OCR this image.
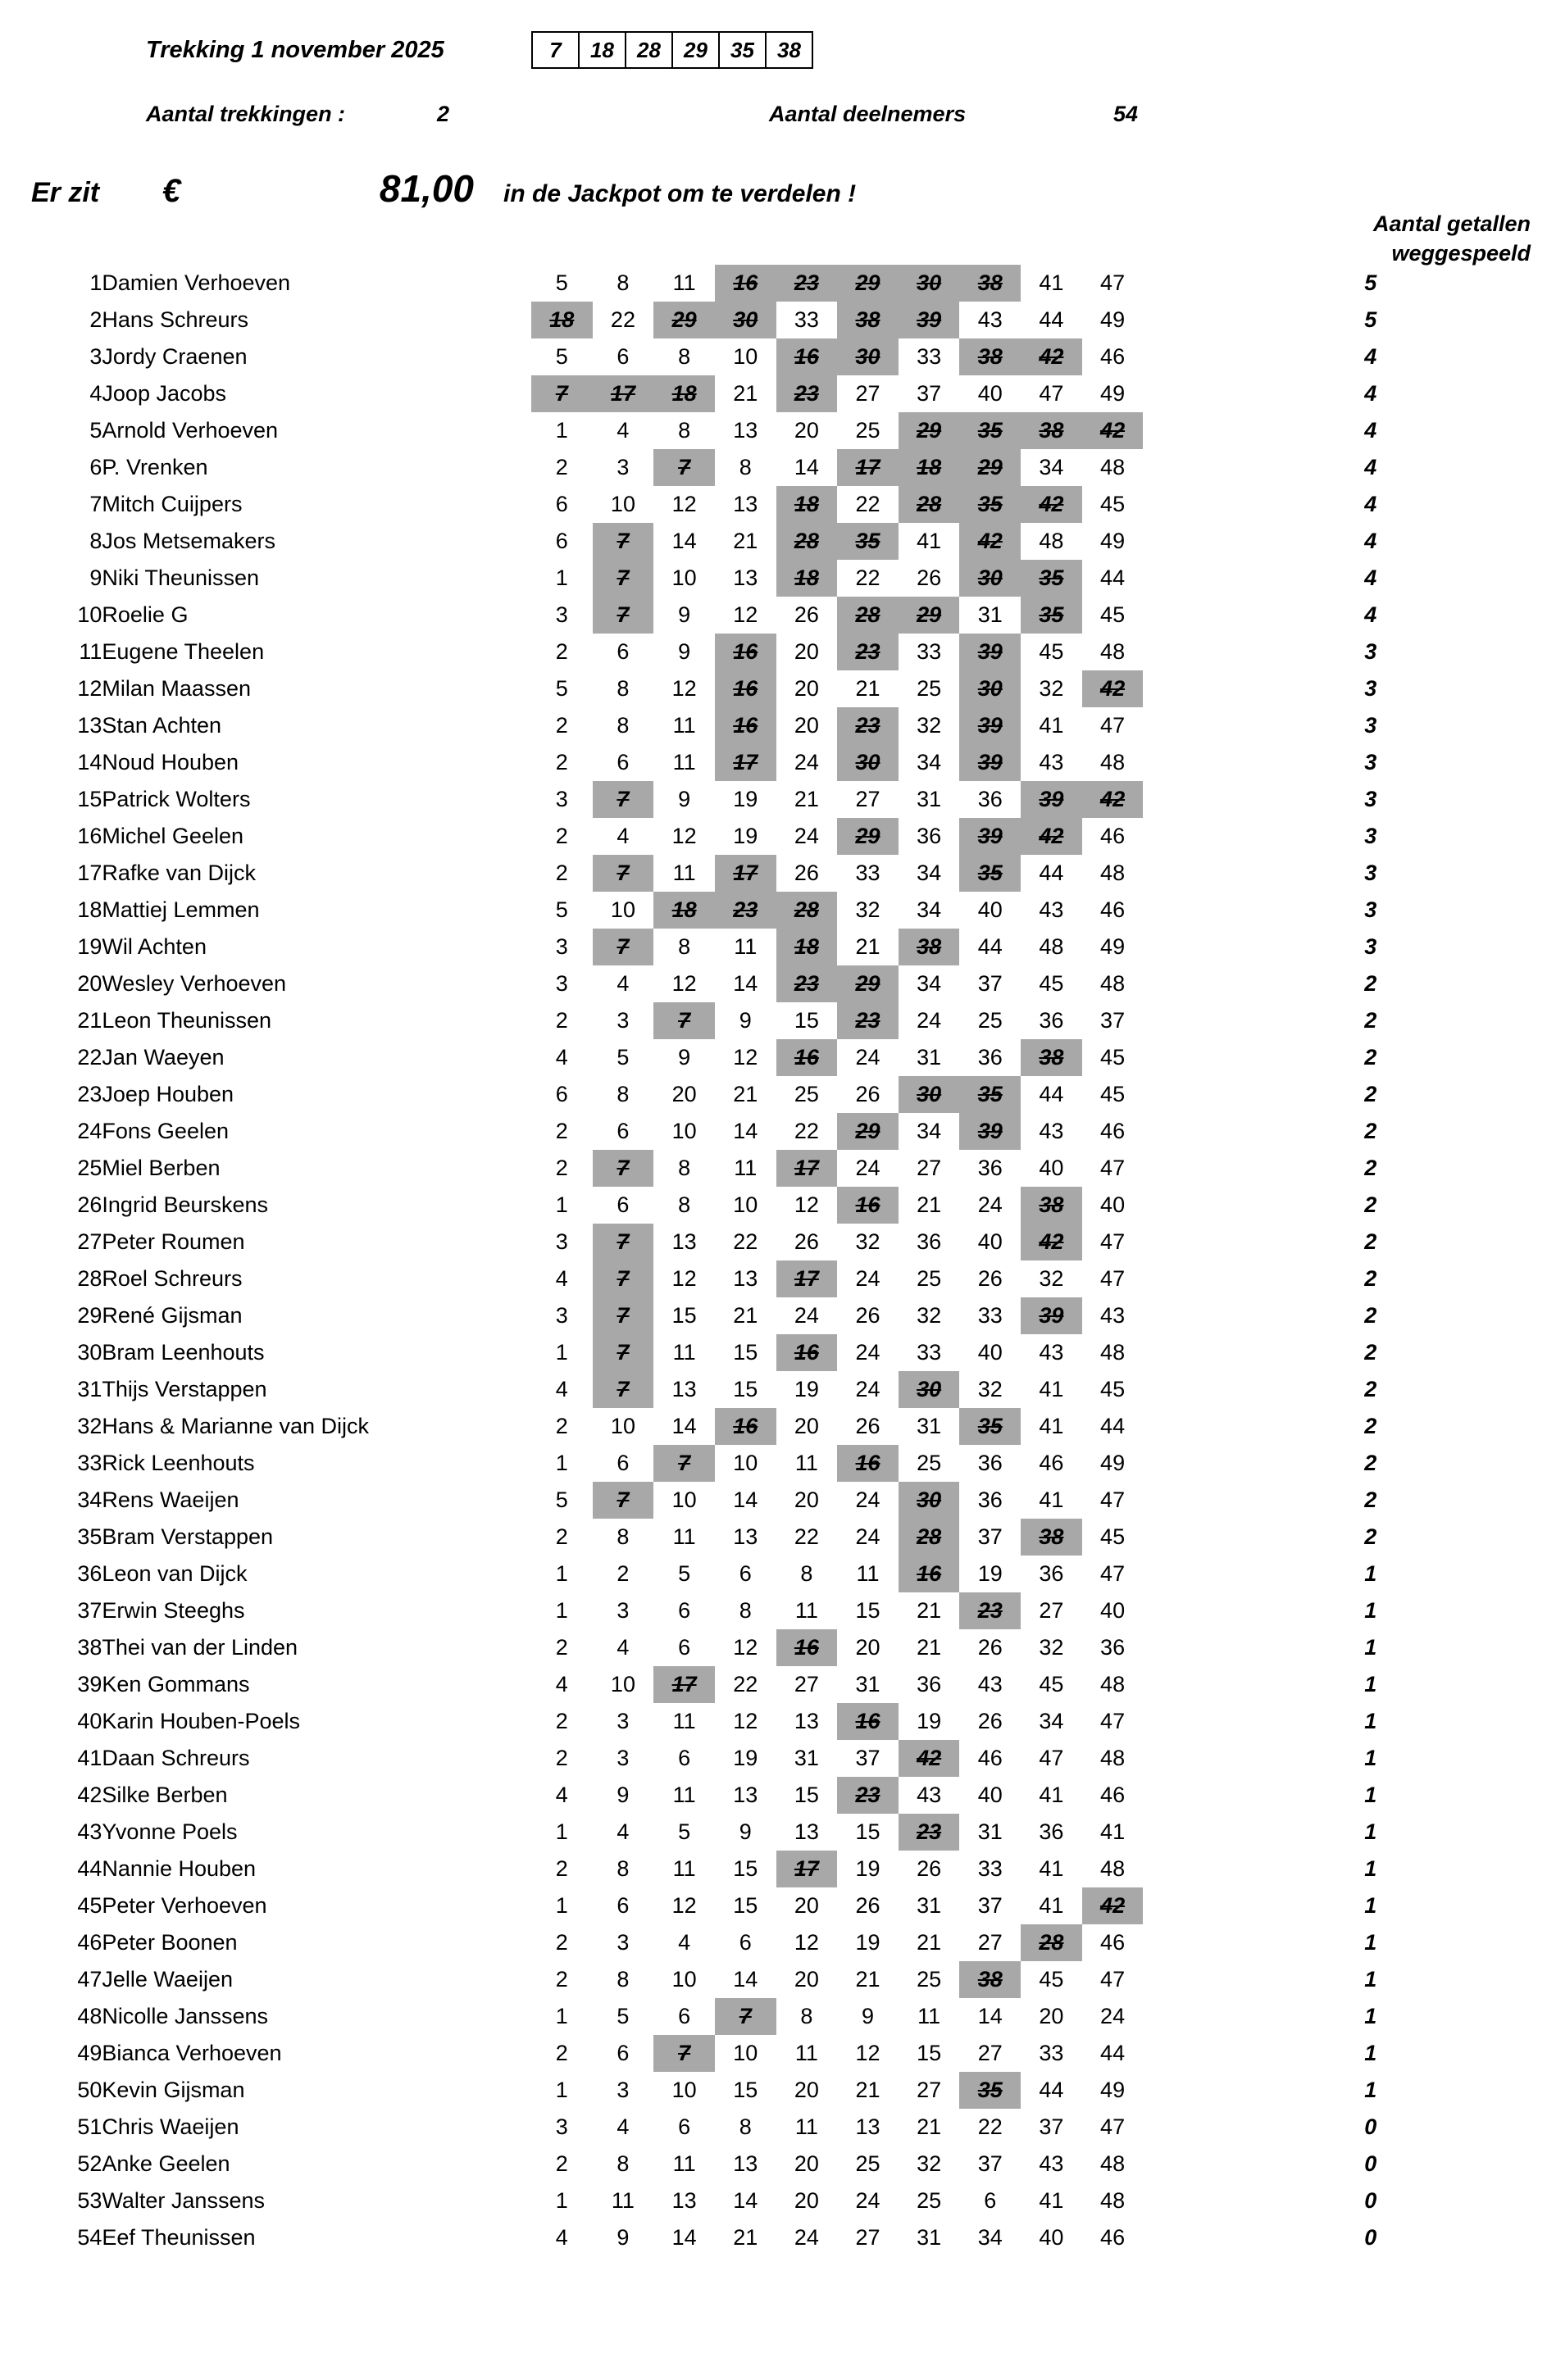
Trekking 1 november 2025	7	18	28	29	35	38
Aantal trekkingen :	2	Aantal deelnemers	54
Er zit	€	81,00	in de Jackpot om te verdelen !
Aantal getallen
weggespeeld
1	Damien Verhoeven	5	8	11	16	23	29	30	38	41	47		5	
2	Hans Schreurs	18	22	29	30	33	38	39	43	44	49		5	
3	Jordy Craenen	5	6	8	10	16	30	33	38	42	46		4	
4	Joop Jacobs	7	17	18	21	23	27	37	40	47	49		4	
5	Arnold Verhoeven	1	4	8	13	20	25	29	35	38	42		4	
6	P. Vrenken	2	3	7	8	14	17	18	29	34	48		4	
7	Mitch Cuijpers	6	10	12	13	18	22	28	35	42	45		4	
8	Jos Metsemakers	6	7	14	21	28	35	41	42	48	49		4	
9	Niki Theunissen	1	7	10	13	18	22	26	30	35	44		4	
10	Roelie G	3	7	9	12	26	28	29	31	35	45		4	
11	Eugene Theelen	2	6	9	16	20	23	33	39	45	48		3	
12	Milan Maassen	5	8	12	16	20	21	25	30	32	42		3	
13	Stan Achten	2	8	11	16	20	23	32	39	41	47		3	
14	Noud Houben	2	6	11	17	24	30	34	39	43	48		3	
15	Patrick Wolters	3	7	9	19	21	27	31	36	39	42		3	
16	Michel Geelen	2	4	12	19	24	29	36	39	42	46		3	
17	Rafke van Dijck	2	7	11	17	26	33	34	35	44	48		3	
18	Mattiej Lemmen	5	10	18	23	28	32	34	40	43	46		3	
19	Wil Achten	3	7	8	11	18	21	38	44	48	49		3	
20	Wesley Verhoeven	3	4	12	14	23	29	34	37	45	48		2	
21	Leon Theunissen	2	3	7	9	15	23	24	25	36	37		2	
22	Jan Waeyen	4	5	9	12	16	24	31	36	38	45		2	
23	Joep Houben	6	8	20	21	25	26	30	35	44	45		2	
24	Fons Geelen	2	6	10	14	22	29	34	39	43	46		2	
25	Miel Berben	2	7	8	11	17	24	27	36	40	47		2	
26	Ingrid Beurskens	1	6	8	10	12	16	21	24	38	40		2	
27	Peter Roumen	3	7	13	22	26	32	36	40	42	47		2	
28	Roel Schreurs	4	7	12	13	17	24	25	26	32	47		2	
29	René Gijsman	3	7	15	21	24	26	32	33	39	43		2	
30	Bram Leenhouts	1	7	11	15	16	24	33	40	43	48		2	
31	Thijs Verstappen	4	7	13	15	19	24	30	32	41	45		2	
32	Hans & Marianne van Dijck	2	10	14	16	20	26	31	35	41	44		2	
33	Rick Leenhouts	1	6	7	10	11	16	25	36	46	49		2	
34	Rens Waeijen	5	7	10	14	20	24	30	36	41	47		2	
35	Bram Verstappen	2	8	11	13	22	24	28	37	38	45		2	
36	Leon van Dijck	1	2	5	6	8	11	16	19	36	47		1	
37	Erwin Steeghs	1	3	6	8	11	15	21	23	27	40		1	
38	Thei van der Linden	2	4	6	12	16	20	21	26	32	36		1	
39	Ken Gommans	4	10	17	22	27	31	36	43	45	48		1	
40	Karin Houben-Poels	2	3	11	12	13	16	19	26	34	47		1	
41	Daan Schreurs	2	3	6	19	31	37	42	46	47	48		1	
42	Silke Berben	4	9	11	13	15	23	43	40	41	46		1	
43	Yvonne Poels	1	4	5	9	13	15	23	31	36	41		1	
44	Nannie Houben	2	8	11	15	17	19	26	33	41	48		1	
45	Peter Verhoeven	1	6	12	15	20	26	31	37	41	42		1	
46	Peter Boonen	2	3	4	6	12	19	21	27	28	46		1	
47	Jelle Waeijen	2	8	10	14	20	21	25	38	45	47		1	
48	Nicolle Janssens	1	5	6	7	8	9	11	14	20	24		1	
49	Bianca Verhoeven	2	6	7	10	11	12	15	27	33	44		1	
50	Kevin Gijsman	1	3	10	15	20	21	27	35	44	49		1	
51	Chris Waeijen	3	4	6	8	11	13	21	22	37	47		0	
52	Anke Geelen	2	8	11	13	20	25	32	37	43	48		0	
53	Walter Janssens	1	11	13	14	20	24	25	6	41	48		0	
54	Eef Theunissen	4	9	14	21	24	27	31	34	40	46		0	
